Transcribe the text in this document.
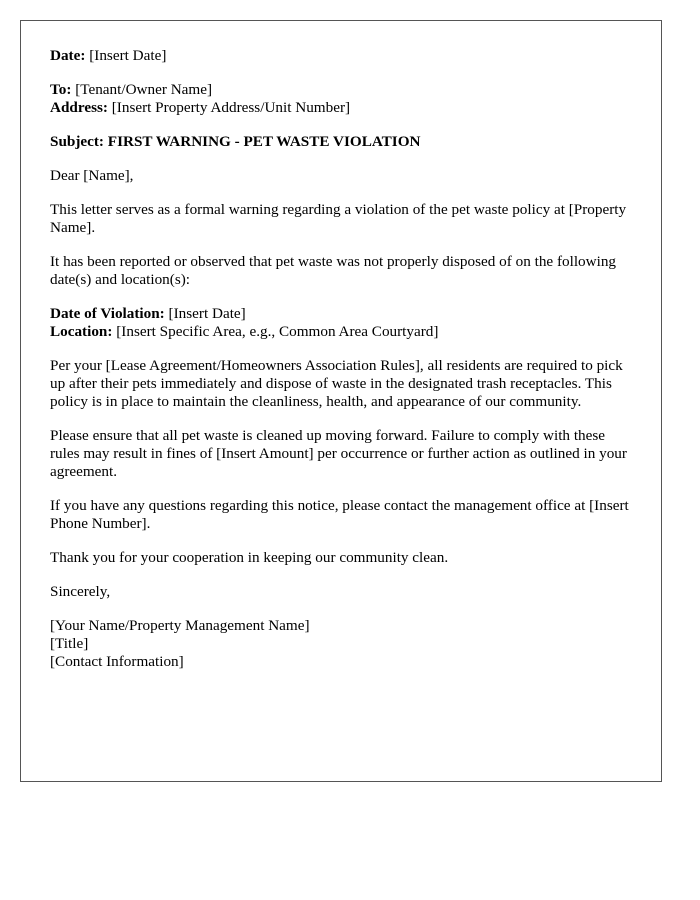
Date: [Insert Date]

To: [Tenant/Owner Name]
Address: [Insert Property Address/Unit Number]

Subject: FIRST WARNING - PET WASTE VIOLATION

Dear [Name],

This letter serves as a formal warning regarding a violation of the pet waste policy at [Property Name].

It has been reported or observed that pet waste was not properly disposed of on the following date(s) and location(s):

Date of Violation: [Insert Date]
Location: [Insert Specific Area, e.g., Common Area Courtyard]

Per your [Lease Agreement/Homeowners Association Rules], all residents are required to pick up after their pets immediately and dispose of waste in the designated trash receptacles. This policy is in place to maintain the cleanliness, health, and appearance of our community.

Please ensure that all pet waste is cleaned up moving forward. Failure to comply with these rules may result in fines of [Insert Amount] per occurrence or further action as outlined in your agreement.

If you have any questions regarding this notice, please contact the management office at [Insert Phone Number].

Thank you for your cooperation in keeping our community clean.

Sincerely,

[Your Name/Property Management Name]
[Title]
[Contact Information]
